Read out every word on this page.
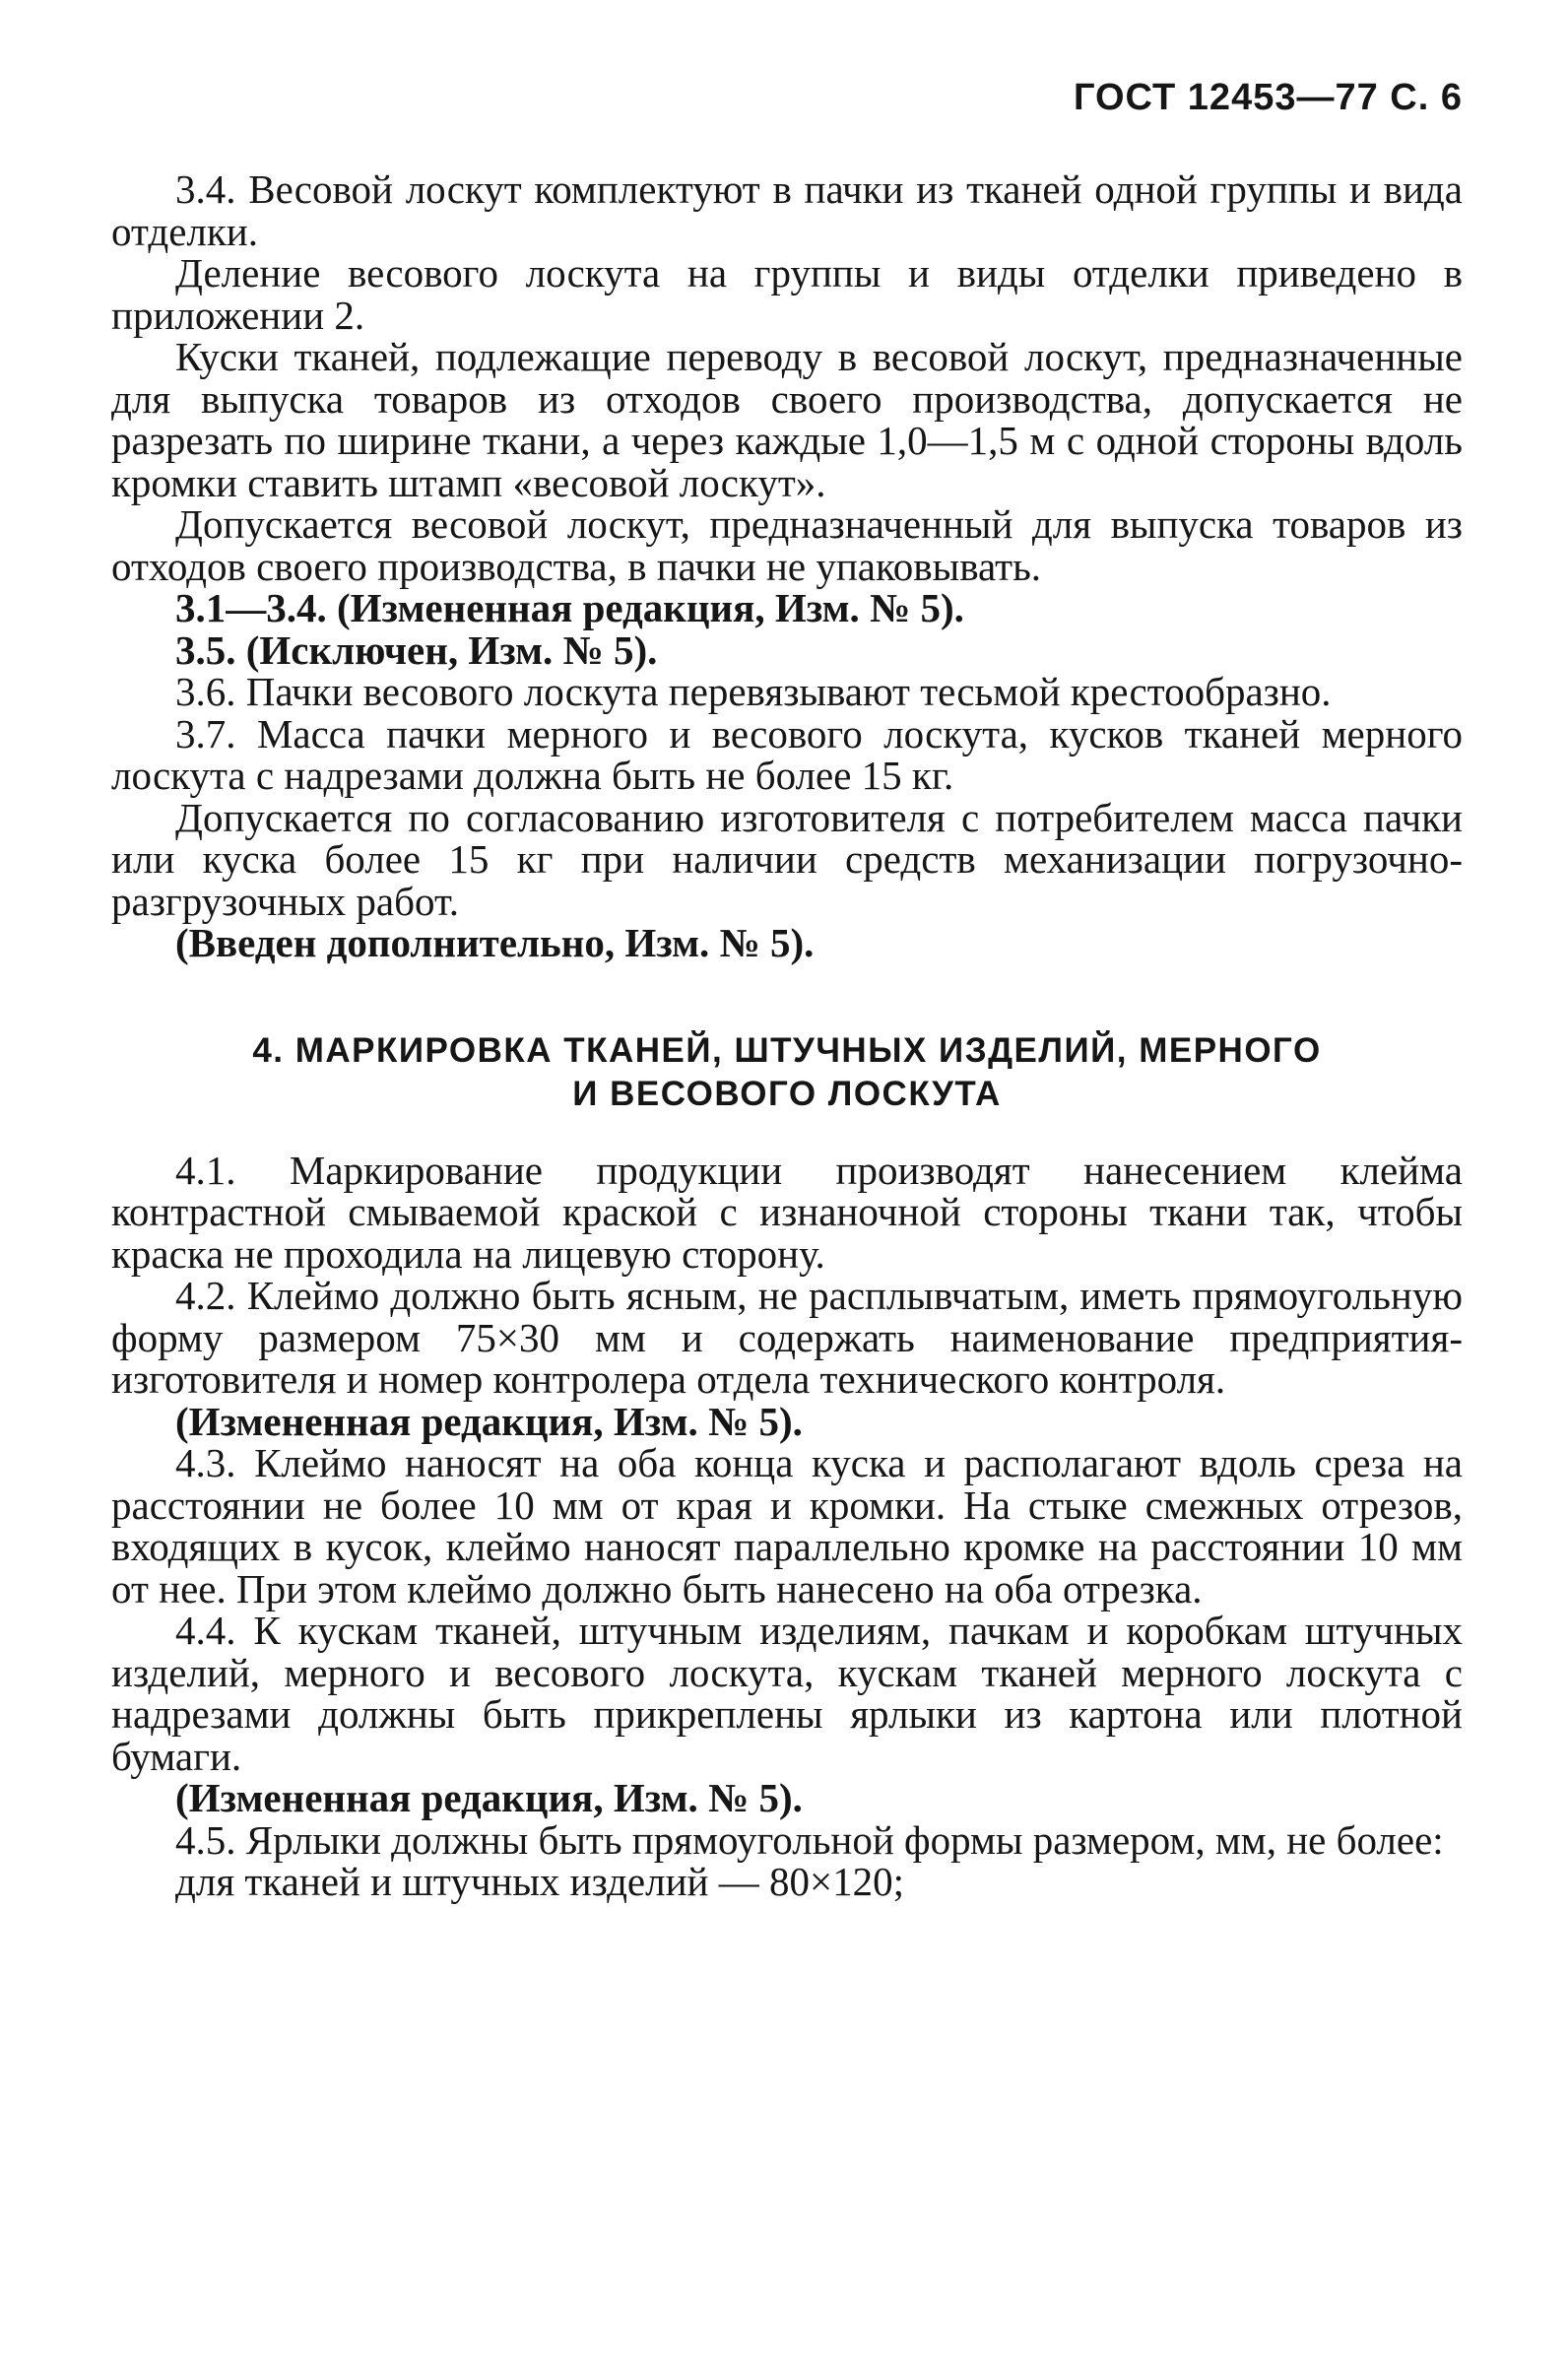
ГОСТ 12453—77 С. 6

3.4. Весовой лоскут комплектуют в пачки из тканей одной группы и вида отделки.

Деление весового лоскута на группы и виды отделки приведено в приложении 2.

Куски тканей, подлежащие переводу в весовой лоскут, предназначенные для выпуска товаров из отходов своего производства, допускается не разрезать по ширине ткани, а через каждые 1,0—1,5 м с одной стороны вдоль кромки ставить штамп «весовой лоскут».

Допускается весовой лоскут, предназначенный для выпуска товаров из отходов своего производства, в пачки не упаковывать.

3.1—3.4. (Измененная редакция, Изм. № 5).

3.5. (Исключен, Изм. № 5).

3.6. Пачки весового лоскута перевязывают тесьмой крестообразно.

3.7. Масса пачки мерного и весового лоскута, кусков тканей мерного лоскута с надрезами должна быть не более 15 кг.

Допускается по согласованию изготовителя с потребителем масса пачки или куска более 15 кг при наличии средств механизации погрузочно-разгрузочных работ.

(Введен дополнительно, Изм. № 5).

4. МАРКИРОВКА ТКАНЕЙ, ШТУЧНЫХ ИЗДЕЛИЙ, МЕРНОГО
И ВЕСОВОГО ЛОСКУТА

4.1. Маркирование продукции производят нанесением клейма контрастной смываемой краской с изнаночной стороны ткани так, чтобы краска не проходила на лицевую сторону.

4.2. Клеймо должно быть ясным, не расплывчатым, иметь прямоугольную форму размером 75×30 мм и содержать наименование предприятия-изготовителя и номер контролера отдела технического контроля.

(Измененная редакция, Изм. № 5).

4.3. Клеймо наносят на оба конца куска и располагают вдоль среза на расстоянии не более 10 мм от края и кромки. На стыке смежных отрезов, входящих в кусок, клеймо наносят параллельно кромке на расстоянии 10 мм от нее. При этом клеймо должно быть нанесено на оба отрезка.

4.4. К кускам тканей, штучным изделиям, пачкам и коробкам штучных изделий, мерного и весового лоскута, кускам тканей мерного лоскута с надрезами должны быть прикреплены ярлыки из картона или плотной бумаги.

(Измененная редакция, Изм. № 5).

4.5. Ярлыки должны быть прямоугольной формы размером, мм, не более:

для тканей и штучных изделий — 80×120;
